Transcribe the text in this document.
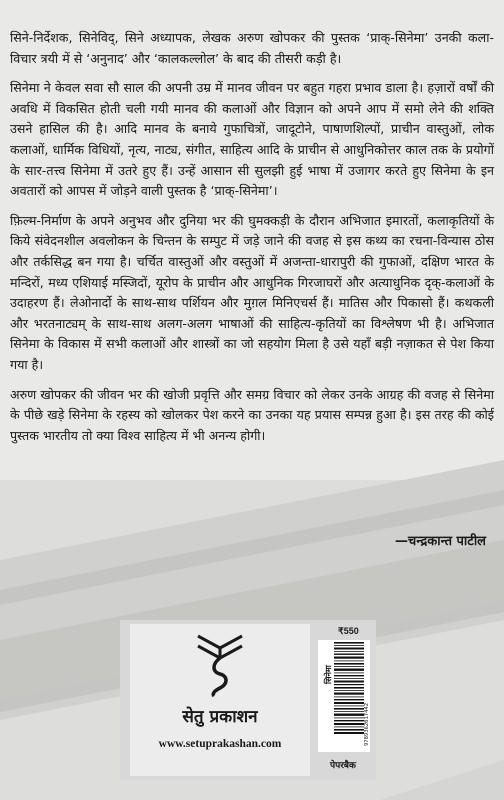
सिने-निर्देशक, सिनेविद्, सिने अध्यापक, लेखक अरुण खोपकर की पुस्तक ‘प्राक्-सिनेमा’ उनकी कला-विचार त्रयी में से ‘अनुनाद’ और ‘कालकल्लोल’ के बाद की तीसरी कड़ी है।

सिनेमा ने केवल सवा सौ साल की अपनी उम्र में मानव जीवन पर बहुत गहरा प्रभाव डाला है। हज़ारों वर्षों की अवधि में विकसित होती चली गयी मानव की कलाओं और विज्ञान को अपने आप में समो लेने की शक्ति उसने हासिल की है। आदि मानव के बनाये गुफाचित्रों, जादूटोने, पाषाणशिल्पों, प्राचीन वास्तुओं, लोक कलाओं, धार्मिक विधियों, नृत्य, नाट्य, संगीत, साहित्य आदि के प्राचीन से आधुनिकोत्तर काल तक के प्रयोगों के सार-तत्त्व सिनेमा में उतरे हुए हैं। उन्हें आसान सी सुलझी हुई भाषा में उजागर करते हुए सिनेमा के इन अवतारों को आपस में जोड़ने वाली पुस्तक है ‘प्राक्-सिनेमा’।

फ़िल्म-निर्माण के अपने अनुभव और दुनिया भर की घुमक्कड़ी के दौरान अभिजात इमारतों, कलाकृतियों के किये संवेदनशील अवलोकन के चिन्तन के सम्पुट में जड़े जाने की वजह से इस कथ्य का रचना-विन्यास ठोस और तर्कसिद्ध बन गया है। चर्चित वास्तुओं और वस्तुओं में अजन्ता-धारापुरी की गुफाओं, दक्षिण भारत के मन्दिरों, मध्य एशियाई मस्जिदों, यूरोप के प्राचीन और आधुनिक गिरजाघरों और अत्याधुनिक दृक्-कलाओं के उदाहरण हैं। लेओनार्दो के साथ-साथ पर्शियन और मुग़ल मिनिएचर्स हैं। मातिस और पिकासो हैं। कथकली और भरतनाट्यम् के साथ-साथ अलग-अलग भाषाओं की साहित्य-कृतियों का विश्लेषण भी है। अभिजात सिनेमा के विकास में सभी कलाओं और शास्त्रों का जो सहयोग मिला है उसे यहाँ बड़ी नज़ाकत से पेश किया गया है।

अरुण खोपकर की जीवन भर की खोजी प्रवृत्ति और समग्र विचार को लेकर उनके आग्रह की वजह से सिनेमा के पीछे खड़े सिनेमा के रहस्य को खोलकर पेश करने का उनका यह प्रयास सम्पन्न हुआ है। इस तरह की कोई पुस्तक भारतीय तो क्या विश्व साहित्य में भी अनन्य होगी।

—चन्द्रकान्त पाटील
सेतु प्रकाशन
www.setuprakashan.com
₹550
सिनेमा
9789362017442
पेपरबैक
